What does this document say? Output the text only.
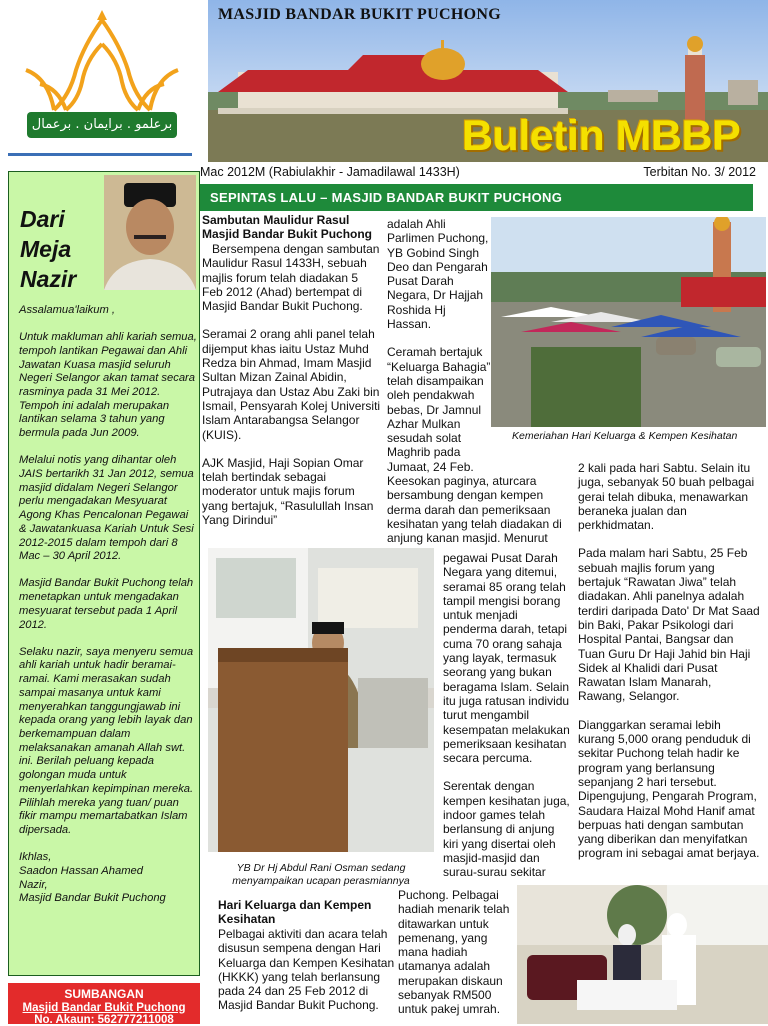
برعلمو . برايمان . برعمال
MASJID BANDAR BUKIT PUCHONG
Buletin MBBP
Mac 2012M (Rabiulakhir - Jamadilawal 1433H)	Terbitan No. 3/ 2012
SEPINTAS LALU – MASJID BANDAR BUKIT PUCHONG
Dari
Meja
Nazir

Assalamua'laikum ,

Untuk makluman ahli kariah semua, tempoh lantikan Pegawai dan Ahli Jawatan Kuasa masjid seluruh Negeri Selangor akan tamat secara rasminya pada 31 Mei 2012. Tempoh ini adalah merupakan lantikan selama 3 tahun yang bermula pada Jun 2009.

Melalui notis yang dihantar oleh JAIS bertarikh 31 Jan 2012, semua masjid didalam Negeri Selangor perlu mengadakan Mesyuarat Agong Khas Pencalonan Pegawai & Jawatankuasa Kariah Untuk Sesi 2012-2015 dalam tempoh dari 8 Mac – 30 April 2012.

Masjid Bandar Bukit Puchong telah menetapkan untuk mengadakan mesyuarat tersebut pada 1 April 2012.

Selaku nazir, saya menyeru semua ahli kariah untuk hadir beramai-ramai. Kami merasakan sudah sampai masanya untuk kami menyerahkan tanggungjawab ini kepada orang yang lebih layak dan berkemampuan dalam melaksanakan amanah Allah swt. ini. Berilah peluang kepada golongan muda untuk menyerlahkan kepimpinan mereka. Pilihlah mereka yang tuan/ puan fikir mampu memartabatkan Islam dipersada.

Ikhlas,
Saadon Hassan Ahamed
Nazir,
Masjid Bandar Bukit Puchong

SUMBANGAN
Masjid Bandar Bukit Puchong
No. Akaun: 562777211008
Sambutan Maulidur Rasul Masjid Bandar Bukit Puchong

Bersempena dengan sambutan Maulidur Rasul 1433H, sebuah majlis forum telah diadakan 5 Feb 2012 (Ahad) bertempat di Masjid Bandar Bukit Puchong.

Seramai 2 orang ahli panel telah dijemput khas iaitu Ustaz Muhd Redza bin Ahmad, Imam Masjid Sultan Mizan Zainal Abidin, Putrajaya dan Ustaz Abu Zaki bin Ismail, Pensyarah Kolej Universiti Islam Antarabangsa Selangor (KUIS).

AJK Masjid, Haji Sopian Omar telah bertindak sebagai moderator untuk majis forum yang bertajuk, “Rasulullah Insan Yang Dirindui”

adalah Ahli Parlimen Puchong, YB Gobind Singh Deo dan Pengarah Pusat Darah Negara, Dr Hajjah Roshida Hj Hassan.

Ceramah bertajuk “Keluarga Bahagia” telah disampaikan oleh pendakwah bebas, Dr Jamnul Azhar Mulkan sesudah solat Maghrib pada Jumaat, 24 Feb.

Keesokan paginya, aturcara bersambung dengan kempen derma darah dan pemeriksaan kesihatan yang telah diadakan di anjung kanan masjid. Menurut

Kemeriahan Hari Keluarga & Kempen Kesihatan
YB Dr Hj Abdul Rani Osman sedang
menyampaikan ucapan perasmiannya

pegawai Pusat Darah Negara yang ditemui, seramai 85 orang telah tampil mengisi borang untuk menjadi penderma darah, tetapi cuma 70 orang sahaja yang layak, termasuk seorang yang bukan beragama Islam. Selain itu juga ratusan individu turut mengambil kesempatan melakukan pemeriksaan kesihatan secara percuma.

Serentak dengan kempen kesihatan juga, indoor games telah berlansung di anjung kiri yang disertai oleh masjid-masjid dan surau-surau sekitar

2 kali pada hari Sabtu. Selain itu juga, sebanyak 50 buah pelbagai gerai telah dibuka, menawarkan beraneka jualan dan perkhidmatan.

Pada malam hari Sabtu, 25 Feb sebuah majlis forum yang bertajuk “Rawatan Jiwa” telah diadakan. Ahli panelnya adalah terdiri daripada Dato' Dr Mat Saad bin Baki, Pakar Psikologi dari Hospital Pantai, Bangsar dan Tuan Guru Dr Haji Jahid bin Haji Sidek al Khalidi dari Pusat Rawatan Islam Manarah, Rawang, Selangor.

Dianggarkan seramai lebih kurang 5,000 orang penduduk di sekitar Puchong telah hadir ke program yang berlansung sepanjang 2 hari tersebut. Dipengujung, Pengarah Program, Saudara Haizal Mohd Hanif amat berpuas hati dengan sambutan yang diberikan dan menyifatkan program ini sebagai amat berjaya.

Hari Keluarga dan Kempen Kesihatan
Pelbagai aktiviti dan acara telah disusun sempena dengan Hari Keluarga dan Kempen Kesihatan (HKKK) yang telah berlansung pada 24 dan 25 Feb 2012 di Masjid Bandar Bukit Puchong.
Puchong. Pelbagai hadiah menarik telah ditawarkan untuk pemenang, yang mana hadiah utamanya adalah merupakan diskaun sebanyak RM500 untuk pakej umrah.
